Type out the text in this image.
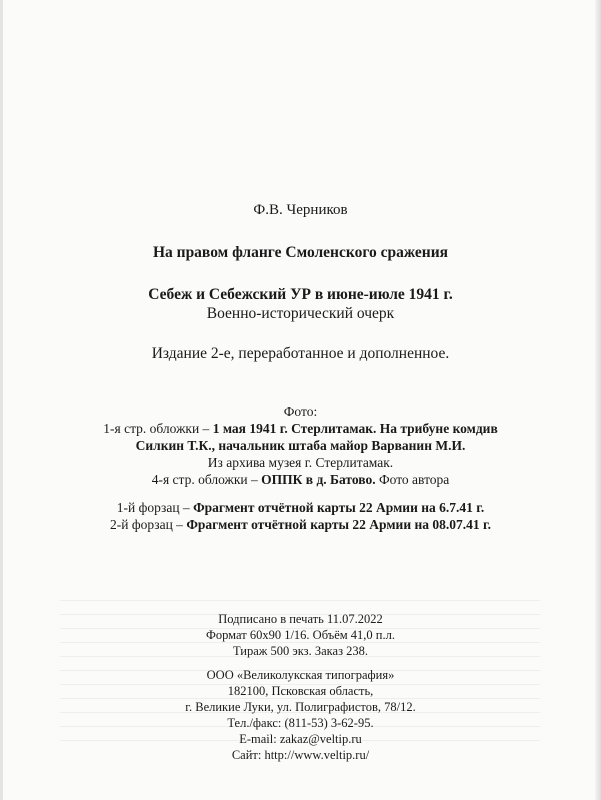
Ф.В. Черников
На правом фланге Смоленского сражения
Себеж и Себежский УР в июне-июле 1941 г.
Военно-исторический очерк
Издание 2-е, переработанное и дополненное.
Фото:
1-я стр. обложки – 1 мая 1941 г. Стерлитамак. На трибуне комдив
Силкин Т.К., начальник штаба майор Варванин М.И.
Из архива музея г. Стерлитамак.
4-я стр. обложки – ОППК в д. Батово. Фото автора
1-й форзац – Фрагмент отчётной карты 22 Армии на 6.7.41 г.
2-й форзац – Фрагмент отчётной карты 22 Армии на 08.07.41 г.
Подписано в печать 11.07.2022
Формат 60х90 1/16. Объём 41,0 п.л.
Тираж 500 экз. Заказ 238.
ООО «Великолукская типография»
182100, Псковская область,
г. Великие Луки, ул. Полиграфистов, 78/12.
Тел./факс: (811-53) 3-62-95.
E-mail: zakaz@veltip.ru
Сайт: http://www.veltip.ru/
